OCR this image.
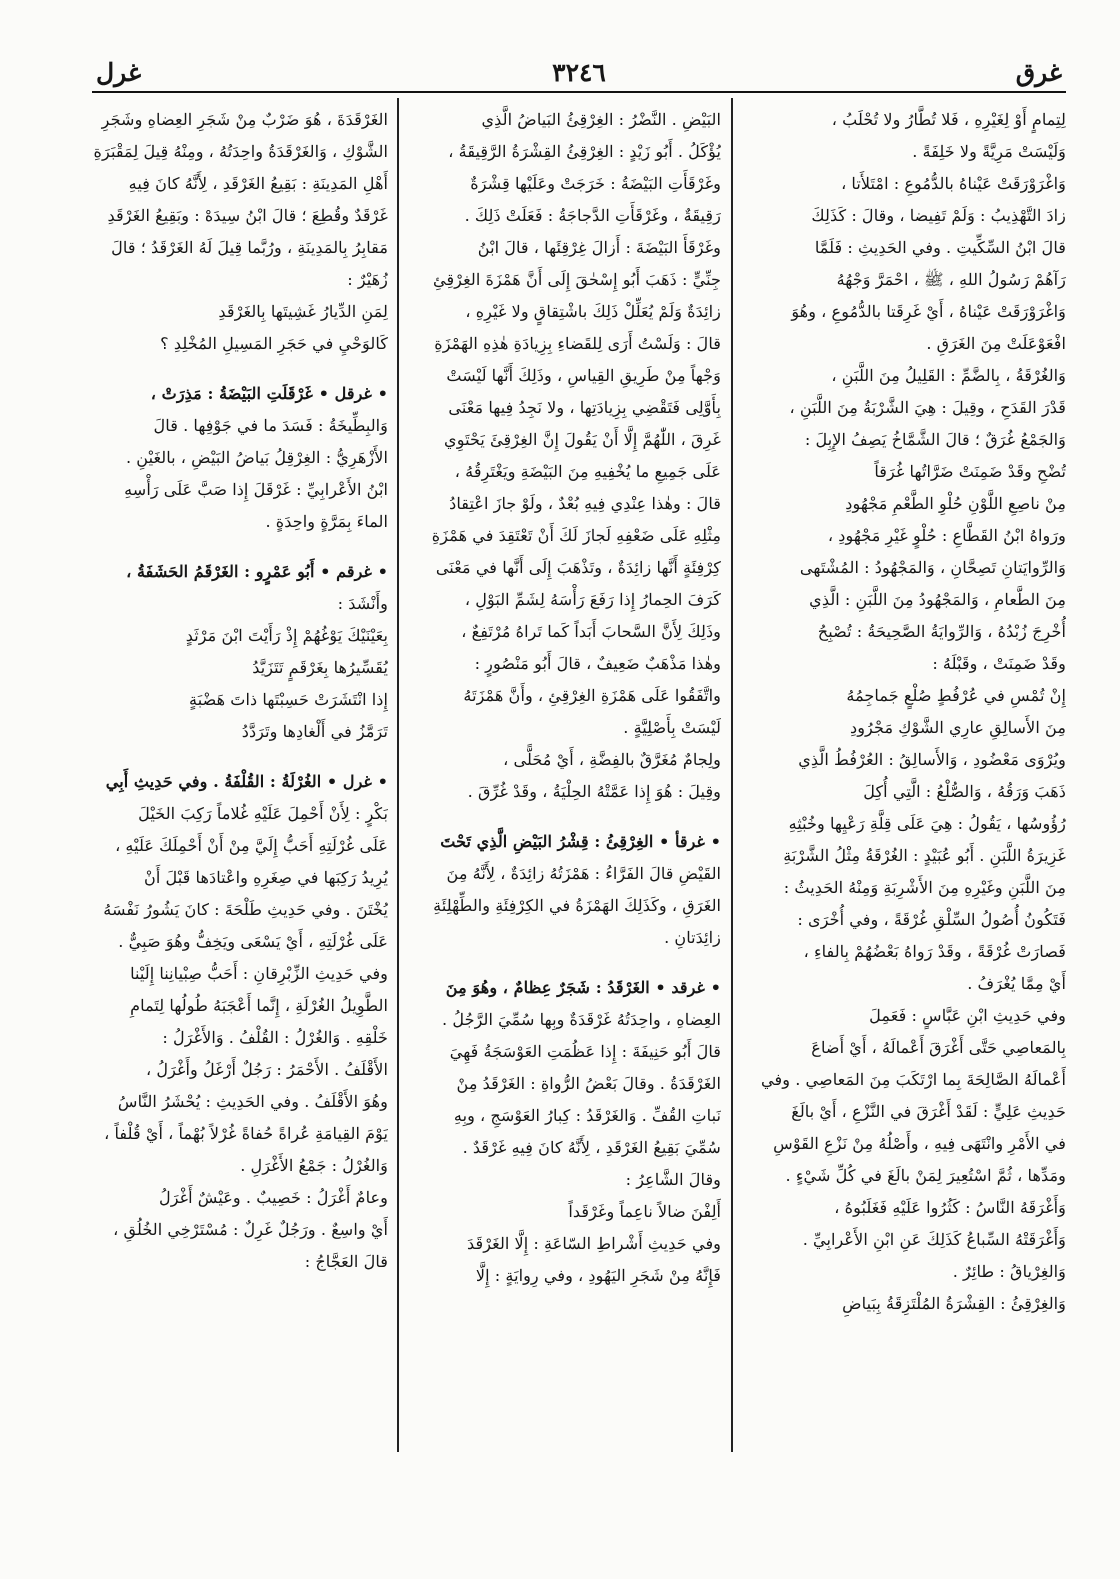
غرق
٣٢٤٦
غرل

لِتِمامٍ أَوْ لِغَيْرِهِ ، فَلا تُطَّارُ ولا تُحْلَبُ ،

وَلَيْسَتْ مَرِيَّةً ولا خَلِفَةً .

وَاغْرَوْرَقَتْ عَيْناهُ بالدُّمُوعِ : امْتَلأَتا ،

زادَ التَّهْذِيبُ : وَلَمْ تَفِيضا ، وقالَ : كَذَلِكَ

قالَ ابْنُ السِّكِّيتِ . وفي الحَدِيثِ : فَلَمَّا

رَآهُمْ رَسُولُ اللهِ ، ﷺ ، احْمَرَّ وَجْهُهُ

وَاغْرَوْرَقَتْ عَيْناهُ ، أَيْ غَرِقَتا بالدُّمُوعِ ، وهُوَ

افْعَوْعَلَتْ مِنَ الغَرَقِ .

وَالغُرْقَةُ ، بِالضَّمِّ : القَلِيلُ مِنَ اللَّبَنِ ،

قَدْرَ القَدَحِ ، وقِيلَ : هِيَ الشَّرْبَةُ مِنَ اللَّبَنِ ،

وَالجَمْعُ غُرَقٌ ؛ قالَ الشَّمَّاخُ يَصِفُ الإِبِلَ :

تُضْحِ وقَدْ ضَمِنَتْ ضَرَّاتُها غُرَقاً

مِنْ ناصِعِ اللَّوْنِ حُلْوِ الطَّعْمِ مَجْهُودِ

ورَواهُ ابْنُ القَطَّاعِ : حُلْوٍ غَيْرِ مَجْهُودِ ،

وَالرِّوايَتانِ تَصِحَّانِ ، وَالمَجْهُودُ : المُشْتَهى

مِنَ الطَّعامِ ، وَالمَجْهُودُ مِنَ اللَّبَنِ : الَّذِي

أُخْرِجَ زُبْدُهُ ، وَالرِّوايَةُ الصَّحِيحَةُ : تُصْبِحُ

وقَدْ ضَمِنَتْ ، وقَبْلَهُ :

إِنْ تُمْسِ في عُرْفُطٍ صُلْعٍ جَماجِمُهُ

مِنَ الأَسالِقِ عارِي الشَّوْكِ مَجْرُودِ

ويُرْوَى مَعْضُودِ ، وَالأَسالِقُ : العُرْفُطُ الَّذِي

ذَهَبَ وَرَقُهُ ، وَالصُّلْعُ : الَّتِي أُكِلَ

رُؤُوسُها ، يَقُولُ : هِيَ عَلَى قِلَّةِ رَعْيِها وخُبْثِهِ

غَزِيرَةُ اللَّبَنِ . أَبُو عُبَيْدٍ : الغُرْقَةُ مِثْلُ الشَّرْبَةِ

مِنَ اللَّبَنِ وغَيْرِهِ مِنَ الأَشْرِبَةِ وَمِنْهُ الحَدِيثُ :

فَتَكُونُ أُصُولُ السِّلْقِ غُرْقَةً ، وفي أُخْرَى :

فَصارَتْ غُرْقَةً ، وقَدْ رَواهُ بَعْضُهُمْ بِالفاءِ ،

أَيْ مِمَّا يُغْرَفُ .

وفي حَدِيثِ ابْنِ عَبَّاسٍ : فَعَمِلَ

بِالمَعاصِي حَتَّى أَغْرَقَ أَعْمالَهُ ، أَيْ أَضاعَ

أَعْمالَهُ الصَّالِحَةَ بِما ارْتَكَبَ مِنَ المَعاصِي . وفي

حَدِيثِ عَلِيٍّ : لَقَدْ أَغْرَقَ في النَّزْعِ ، أَيْ بالَغَ

في الأَمْرِ وانْتَهَى فِيهِ ، وأَصْلُهُ مِنْ نَزْعِ القَوْسِ

ومَدِّها ، ثُمَّ اسْتُعِيرَ لِمَنْ بالَغَ في كُلِّ شَيْءٍ .

وَأَغْرَقَهُ النَّاسُ : كَثُرُوا عَلَيْهِ فَغَلَبُوهُ ،

وَأَغْرَقَتْهُ السِّباعُ كَذَلِكَ عَنِ ابْنِ الأَعْرابِيِّ .

وَالغِرْياقُ : طائِرٌ .

وَالغِرْقِئُ : القِشْرَةُ المُلْتَزِقَةُ بِبَياضِ

البَيْضِ . النَّضْرُ : الغِرْقِئُ البَياضُ الَّذِي

يُؤْكَلُ . أَبُو زَيْدٍ : الغِرْقِئُ القِشْرَةُ الرَّقِيقَةُ ،

وغَرْقَأَتِ البَيْضَةُ : خَرَجَتْ وعَلَيْها قِشْرَةٌ

رَقِيقَةٌ ، وغَرْقَأَتِ الدَّجاجَةُ : فَعَلَتْ ذَلِكَ .

وغَرْقَأَ البَيْضَةَ : أَزالَ غِرْقِئَها ، قالَ ابْنُ

جِنِّيٍّ : ذَهَبَ أَبُو إِسْحٰقَ إِلَى أَنَّ هَمْزَةَ الغِرْقِئِ

زائِدَةٌ وَلَمْ يُعَلِّلْ ذَلِكَ باشْتِقاقٍ ولا غَيْرِهِ ،

قالَ : وَلَسْتُ أَرَى لِلقَضاءِ بِزِيادَةِ هٰذِهِ الهَمْزَةِ

وَجْهاً مِنْ طَرِيقِ القِياسِ ، وذَلِكَ أَنَّها لَيْسَتْ

بِأَوَّلِى فَتَقْضِي بِزِيادَتِها ، ولا نَجِدُ فِيها مَعْنَى

غَرِقَ ، اللّٰهُمَّ إِلَّا أَنْ يَقُولَ إِنَّ الغِرْقِئَ يَحْتَوِي

عَلَى جَمِيعِ ما يُخْفِيهِ مِنَ البَيْضَةِ ويَغْتَرِقُهُ ،

قالَ : وهٰذا عِنْدِي فِيهِ بُعْدٌ ، ولَوْ جازَ اعْتِقادُ

مِثْلِهِ عَلَى ضَعْفِهِ لَجازَ لَكَ أَنْ تَعْتَقِدَ في هَمْزَةِ

كِرْفِئَةٍ أَنَّها زائِدَةٌ ، وتَذْهَبَ إِلَى أَنَّها في مَعْنَى

كَرَفَ الحِمارُ إِذا رَفَعَ رَأْسَهُ لِشَمِّ البَوْلِ ،

وذَلِكَ لِأَنَّ السَّحابَ أَبَداً كَما تَراهُ مُرْتَفِعٌ ،

وهٰذا مَذْهَبٌ ضَعِيفٌ ، قالَ أَبُو مَنْصُورٍ :

واتَّفَقُوا عَلَى هَمْزَةِ الغِرْقِئِ ، وأَنَّ هَمْزَتَهُ

لَيْسَتْ بِأَصْلِيَّةٍ .

ولِجامٌ مُغَرَّقٌ بالفِضَّةِ ، أَيْ مُحَلًّى ،

وقِيلَ : هُوَ إِذا عَمَّتْهُ الحِلْيَةُ ، وقَدْ غُرِّقَ .

• غرقأ • الغِرْقِئُ : قِشْرُ البَيْضِ الَّذِي تَحْتَ

القَيْضِ قالَ الفَرَّاءُ : هَمْزَتُهُ زائِدَةٌ ، لِأَنَّهُ مِنَ

الغَرَقِ ، وكَذَلِكَ الهَمْزَةُ في الكِرْفِئَةِ والطِّهْلِئَةِ

زائِدَتانِ .

• غرقد • الغَرْقَدُ : شَجَرٌ عِظامٌ ، وهُوَ مِنَ

العِضاهِ ، واحِدَتُهُ غَرْقَدَةٌ وبِها سُمِّيَ الرَّجُلُ .

قالَ أَبُو حَنِيفَةَ : إِذا عَظُمَتِ العَوْسَجَةُ فَهِيَ

الغَرْقَدَةُ . وقالَ بَعْضُ الرُّواةِ : الغَرْقَدُ مِنْ

نَباتِ القُفِّ . وَالغَرْقَدُ : كِبارُ العَوْسَجِ ، وبِهِ

سُمِّيَ بَقِيعُ الغَرْقَدِ ، لِأَنَّهُ كانَ فِيهِ غَرْقَدٌ .

وقالَ الشَّاعِرُ :

أَلِفْنَ ضالاً ناعِماً وغَرْقَداً

وفي حَدِيثِ أَشْراطِ السّاعَةِ : إِلَّا الغَرْقَدَ

فَإِنَّهُ مِنْ شَجَرِ اليَهُودِ ، وفي رِوايَةٍ : إِلَّا

الغَرْقَدَةَ ، هُوَ ضَرْبٌ مِنْ شَجَرِ العِضاهِ وشَجَرِ

الشَّوْكِ ، وَالغَرْقَدَةُ واحِدَتُهُ ، ومِنْهُ قِيلَ لِمَقْبَرَةِ

أَهْلِ المَدِينَةِ : بَقِيعُ الغَرْقَدِ ، لِأَنَّهُ كانَ فِيهِ

غَرْقَدٌ وقُطِعَ ؛ قالَ ابْنُ سِيدَهْ : وبَقِيعُ الغَرْقَدِ

مَقابِرُ بِالمَدِينَةِ ، ورُبَّما قِيلَ لَهُ الغَرْقَدُ ؛ قالَ

زُهَيْرٌ :

لِمَنِ الدِّيارُ غَشِيتَها بِالغَرْقَدِ

كَالوَحْيِ في حَجَرِ المَسِيلِ المُخْلِدِ ؟

• غرقل • غَرْقَلَتِ البَيْضَةُ : مَذِرَتْ ،

وَالبِطِّيخَةُ : فَسَدَ ما في جَوْفِها . قالَ

الأَزْهَرِيُّ : الغِرْقِلُ بَياضُ البَيْضِ ، بالغَيْنِ .

ابْنُ الأَعْرابِيِّ : غَرْقَلَ إِذا صَبَّ عَلَى رَأْسِهِ

الماءَ بِمَرَّةٍ واحِدَةٍ .

• غرقم • أَبُو عَمْرٍو : الغَرْقَمُ الحَشَفَةُ ،

وأَنْشَدَ :

بِعَيْنَيْكَ يَوْغُهُمْ إِذْ رَأَيْتَ ابْنَ مَرْثَدٍ

يُقَسِّيرُها بِغَرْقَمٍ تَتَزَيَّدُ

إِذا انْتَشَرَتْ حَسِبْتَها ذاتَ هَضْبَةٍ

تَرَمَّزُ في أَلْغادِها وتَرَدَّدُ

• غرل • الغُرْلَةُ : القُلْفَةُ . وفي حَدِيثِ أَبِي

بَكْرٍ : لِأَنْ أَحْمِلَ عَلَيْهِ غُلاماً رَكِبَ الخَيْلَ

عَلَى غُرْلَتِهِ أَحَبُّ إِلَيَّ مِنْ أَنْ أَحْمِلَكَ عَلَيْهِ ،

يُرِيدُ رَكِبَها في صِغَرِهِ واعْتادَها قَبْلَ أَنْ

يُخْتَنَ . وفي حَدِيثِ طَلْحَةَ : كانَ يَشُورُ نَفْسَهُ

عَلَى غُرْلَتِهِ ، أَيْ يَسْعَى ويَخِفُّ وهُوَ صَبِيٌّ .

وفي حَدِيثِ الزِّبْرِقانِ : أَحَبُّ صِبْيانِنا إِلَيْنا

الطَّوِيلُ الغُرْلَةِ ، إِنَّما أَعْجَبَهُ طُولُها لِتَمامِ

خَلْقِهِ . وَالغُرْلُ : القُلْفُ . وَالأَغْرَلُ :

الأَقْلَفُ . الأَحْمَرُ : رَجُلٌ أَرْغَلُ وأَغْرَلُ ،

وهُوَ الأَقْلَفُ . وفي الحَدِيثِ : يُحْشَرُ النَّاسُ

يَوْمَ القِيامَةِ عُراةً حُفاةً غُرْلاً بُهْماً ، أَيْ قُلْفاً ،

وَالغُرْلُ : جَمْعُ الأَغْرَلِ .

وعامٌ أَغْرَلُ : خَصِيبٌ . وعَيْشٌ أَغْرَلُ

أَيْ واسِعٌ . ورَجُلٌ غَرِلٌ : مُسْتَرْخِي الخُلُقِ ،

قالَ العَجَّاجُ :
